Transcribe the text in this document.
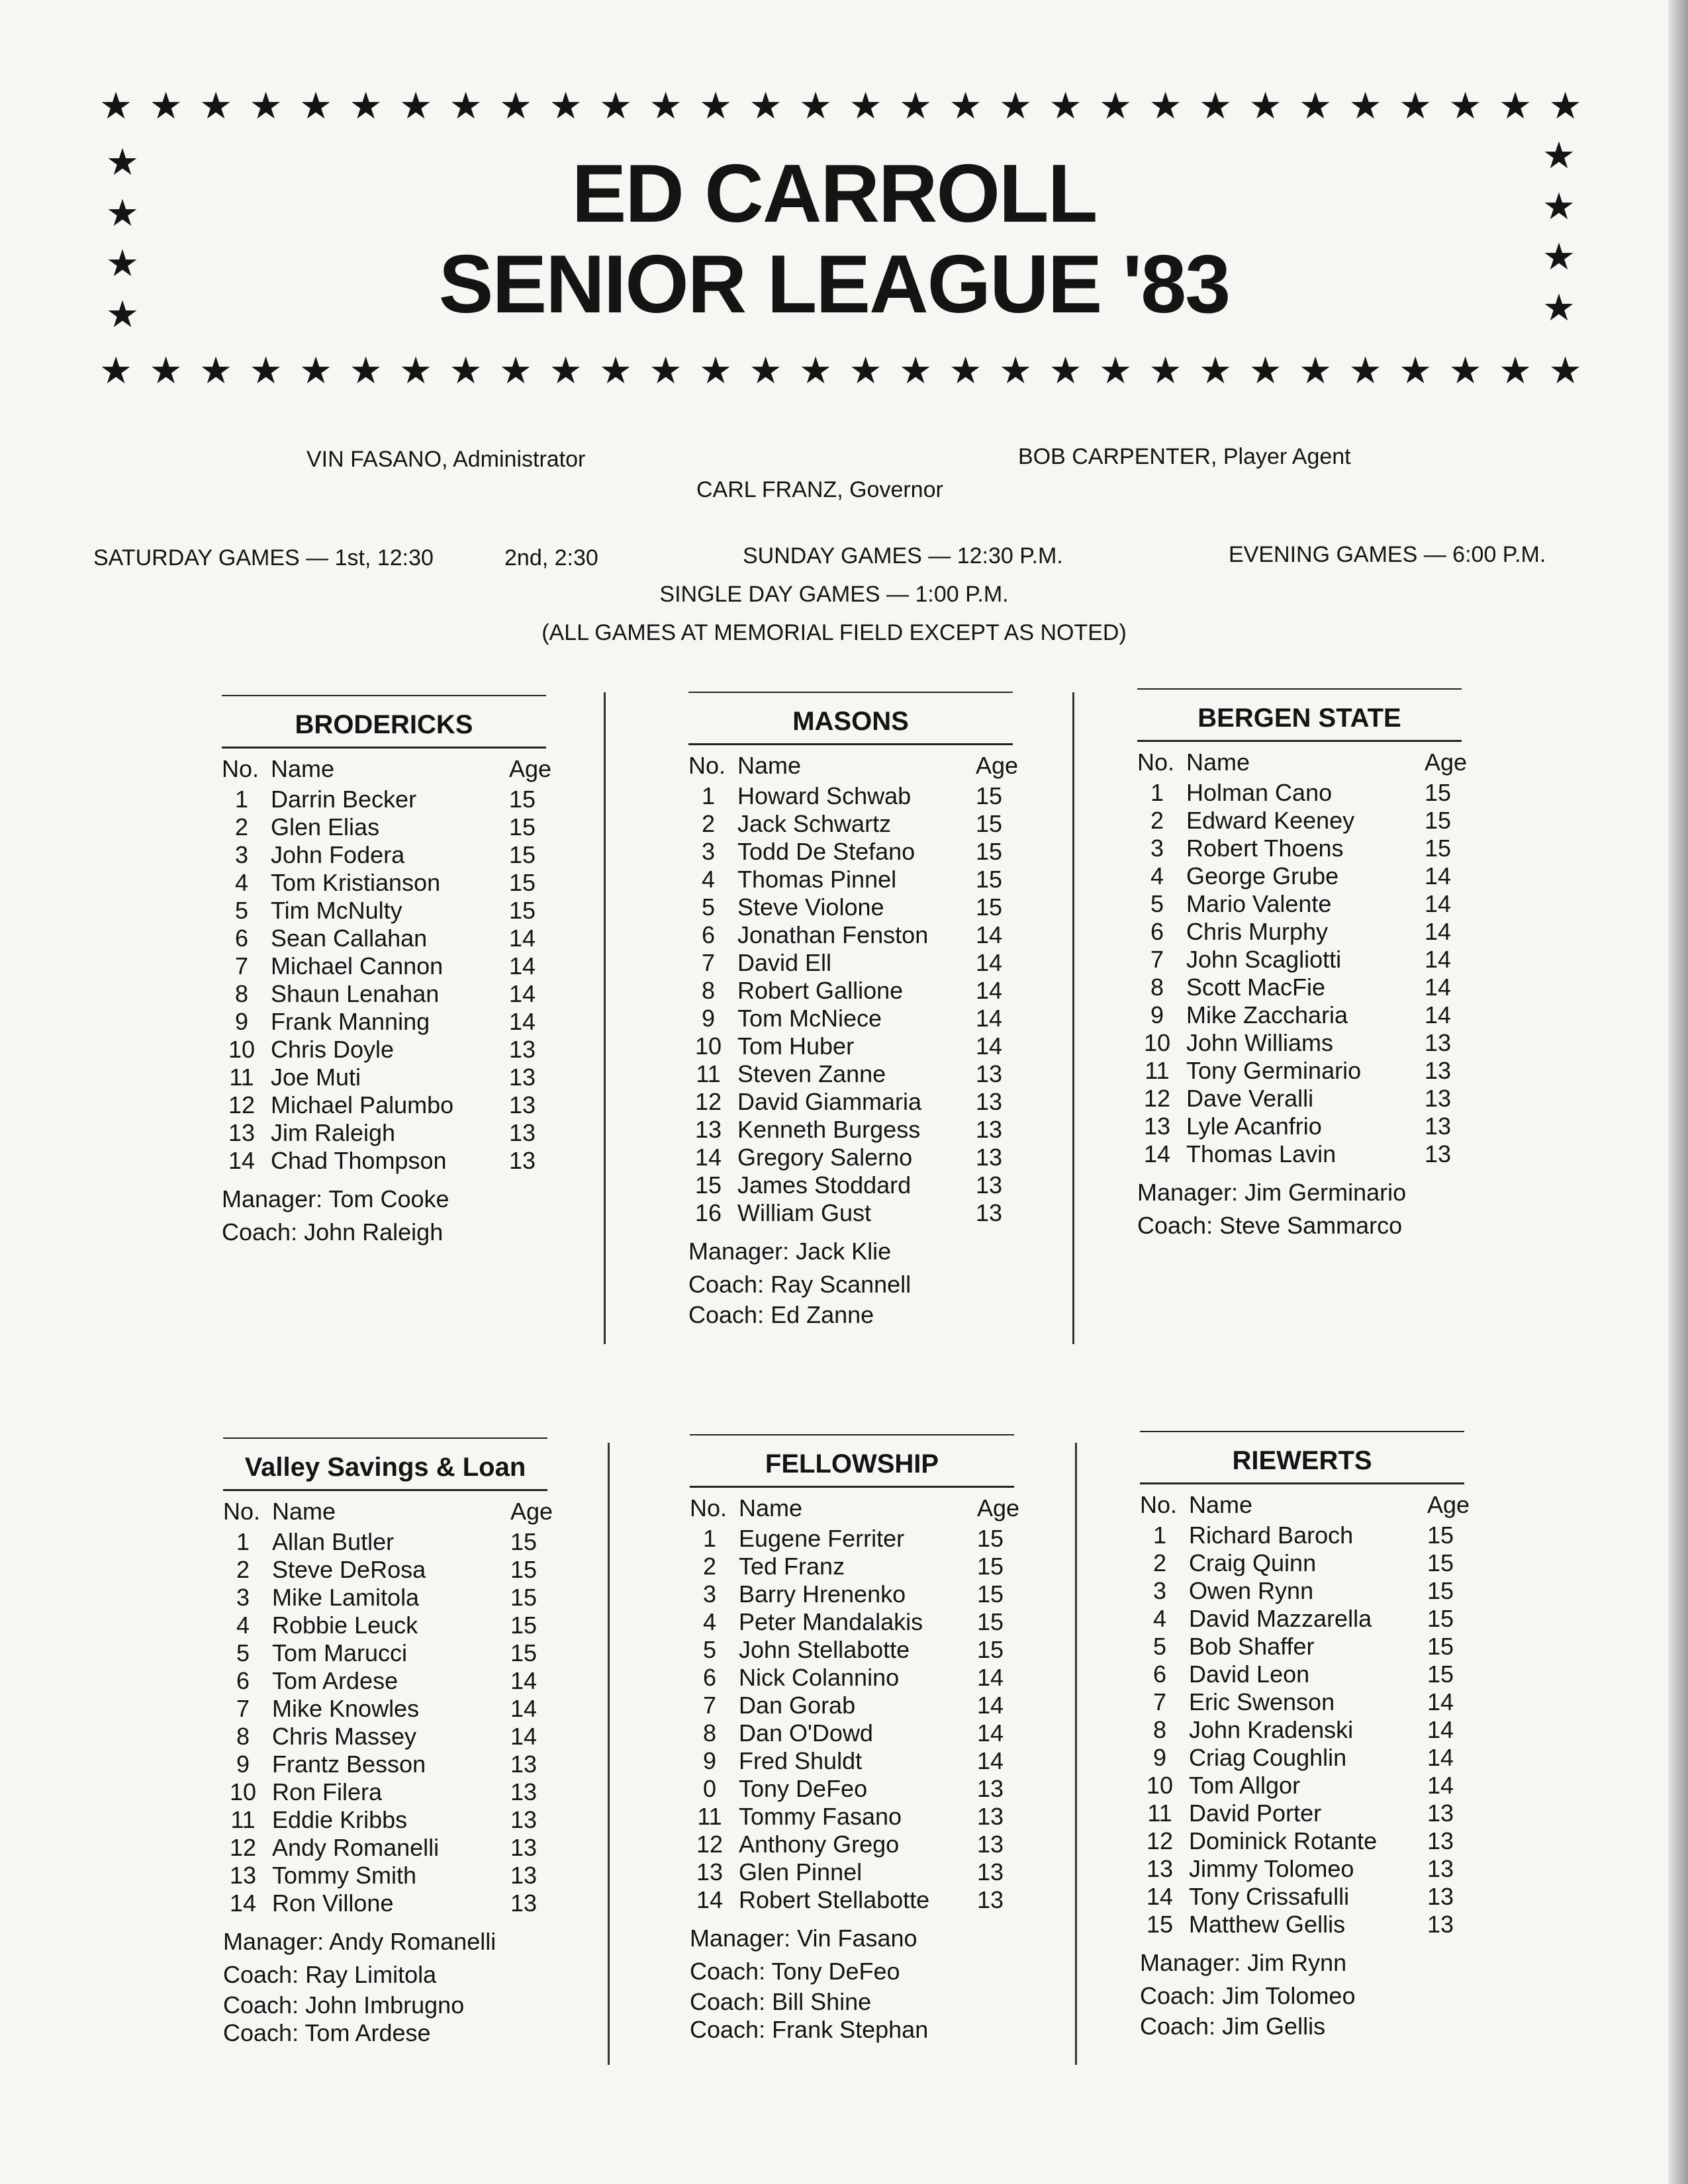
★ ★ ★ ★ ★ ★ ★ ★ ★ ★ ★ ★ ★ ★ ★ ★ ★ ★ ★ ★ ★ ★ ★ ★ ★ ★ ★ ★ ★ ★
★ ★ ★ ★ ★ ★ ★ ★ ★ ★ ★ ★ ★ ★ ★ ★ ★ ★ ★ ★ ★ ★ ★ ★ ★ ★ ★ ★ ★ ★
★
★
★
★
★
★
★
★
ED CARROLL
SENIOR LEAGUE '83
VIN FASANO, Administrator	BOB CARPENTER, Player Agent
CARL FRANZ, Governor
SATURDAY GAMES — 1st, 12:30	2nd, 2:30	SUNDAY GAMES — 12:30 P.M.	EVENING GAMES — 6:00 P.M.
SINGLE DAY GAMES — 1:00 P.M.
(ALL GAMES AT MEMORIAL FIELD EXCEPT AS NOTED)
BRODERICKS
No. Name	Age
1 Darrin Becker	15
2 Glen Elias	15
3 John Fodera	15
4 Tom Kristianson	15
5 Tim McNulty	15
6 Sean Callahan	14
7 Michael Cannon	14
8 Shaun Lenahan	14
9 Frank Manning	14
10 Chris Doyle	13
11 Joe Muti	13
12 Michael Palumbo	13
13 Jim Raleigh	13
14 Chad Thompson	13
Manager: Tom Cooke
Coach: John Raleigh
MASONS
No. Name	Age
1 Howard Schwab	15
2 Jack Schwartz	15
3 Todd De Stefano	15
4 Thomas Pinnel	15
5 Steve Violone	15
6 Jonathan Fenston	14
7 David Ell	14
8 Robert Gallione	14
9 Tom McNiece	14
10 Tom Huber	14
11 Steven Zanne	13
12 David Giammaria	13
13 Kenneth Burgess	13
14 Gregory Salerno	13
15 James Stoddard	13
16 William Gust	13
Manager: Jack Klie
Coach: Ray Scannell
Coach: Ed Zanne
BERGEN STATE
No. Name	Age
1 Holman Cano	15
2 Edward Keeney	15
3 Robert Thoens	15
4 George Grube	14
5 Mario Valente	14
6 Chris Murphy	14
7 John Scagliotti	14
8 Scott MacFie	14
9 Mike Zaccharia	14
10 John Williams	13
11 Tony Germinario	13
12 Dave Veralli	13
13 Lyle Acanfrio	13
14 Thomas Lavin	13
Manager: Jim Germinario
Coach: Steve Sammarco
Valley Savings & Loan
No. Name	Age
1 Allan Butler	15
2 Steve DeRosa	15
3 Mike Lamitola	15
4 Robbie Leuck	15
5 Tom Marucci	15
6 Tom Ardese	14
7 Mike Knowles	14
8 Chris Massey	14
9 Frantz Besson	13
10 Ron Filera	13
11 Eddie Kribbs	13
12 Andy Romanelli	13
13 Tommy Smith	13
14 Ron Villone	13
Manager: Andy Romanelli
Coach: Ray Limitola
Coach: John Imbrugno
Coach: Tom Ardese
FELLOWSHIP
No. Name	Age
1 Eugene Ferriter	15
2 Ted Franz	15
3 Barry Hrenenko	15
4 Peter Mandalakis	15
5 John Stellabotte	15
6 Nick Colannino	14
7 Dan Gorab	14
8 Dan O'Dowd	14
9 Fred Shuldt	14
0 Tony DeFeo	13
11 Tommy Fasano	13
12 Anthony Grego	13
13 Glen Pinnel	13
14 Robert Stellabotte	13
Manager: Vin Fasano
Coach: Tony DeFeo
Coach: Bill Shine
Coach: Frank Stephan
RIEWERTS
No. Name	Age
1 Richard Baroch	15
2 Craig Quinn	15
3 Owen Rynn	15
4 David Mazzarella	15
5 Bob Shaffer	15
6 David Leon	15
7 Eric Swenson	14
8 John Kradenski	14
9 Criag Coughlin	14
10 Tom Allgor	14
11 David Porter	13
12 Dominick Rotante	13
13 Jimmy Tolomeo	13
14 Tony Crissafulli	13
15 Matthew Gellis	13
Manager: Jim Rynn
Coach: Jim Tolomeo
Coach: Jim Gellis
